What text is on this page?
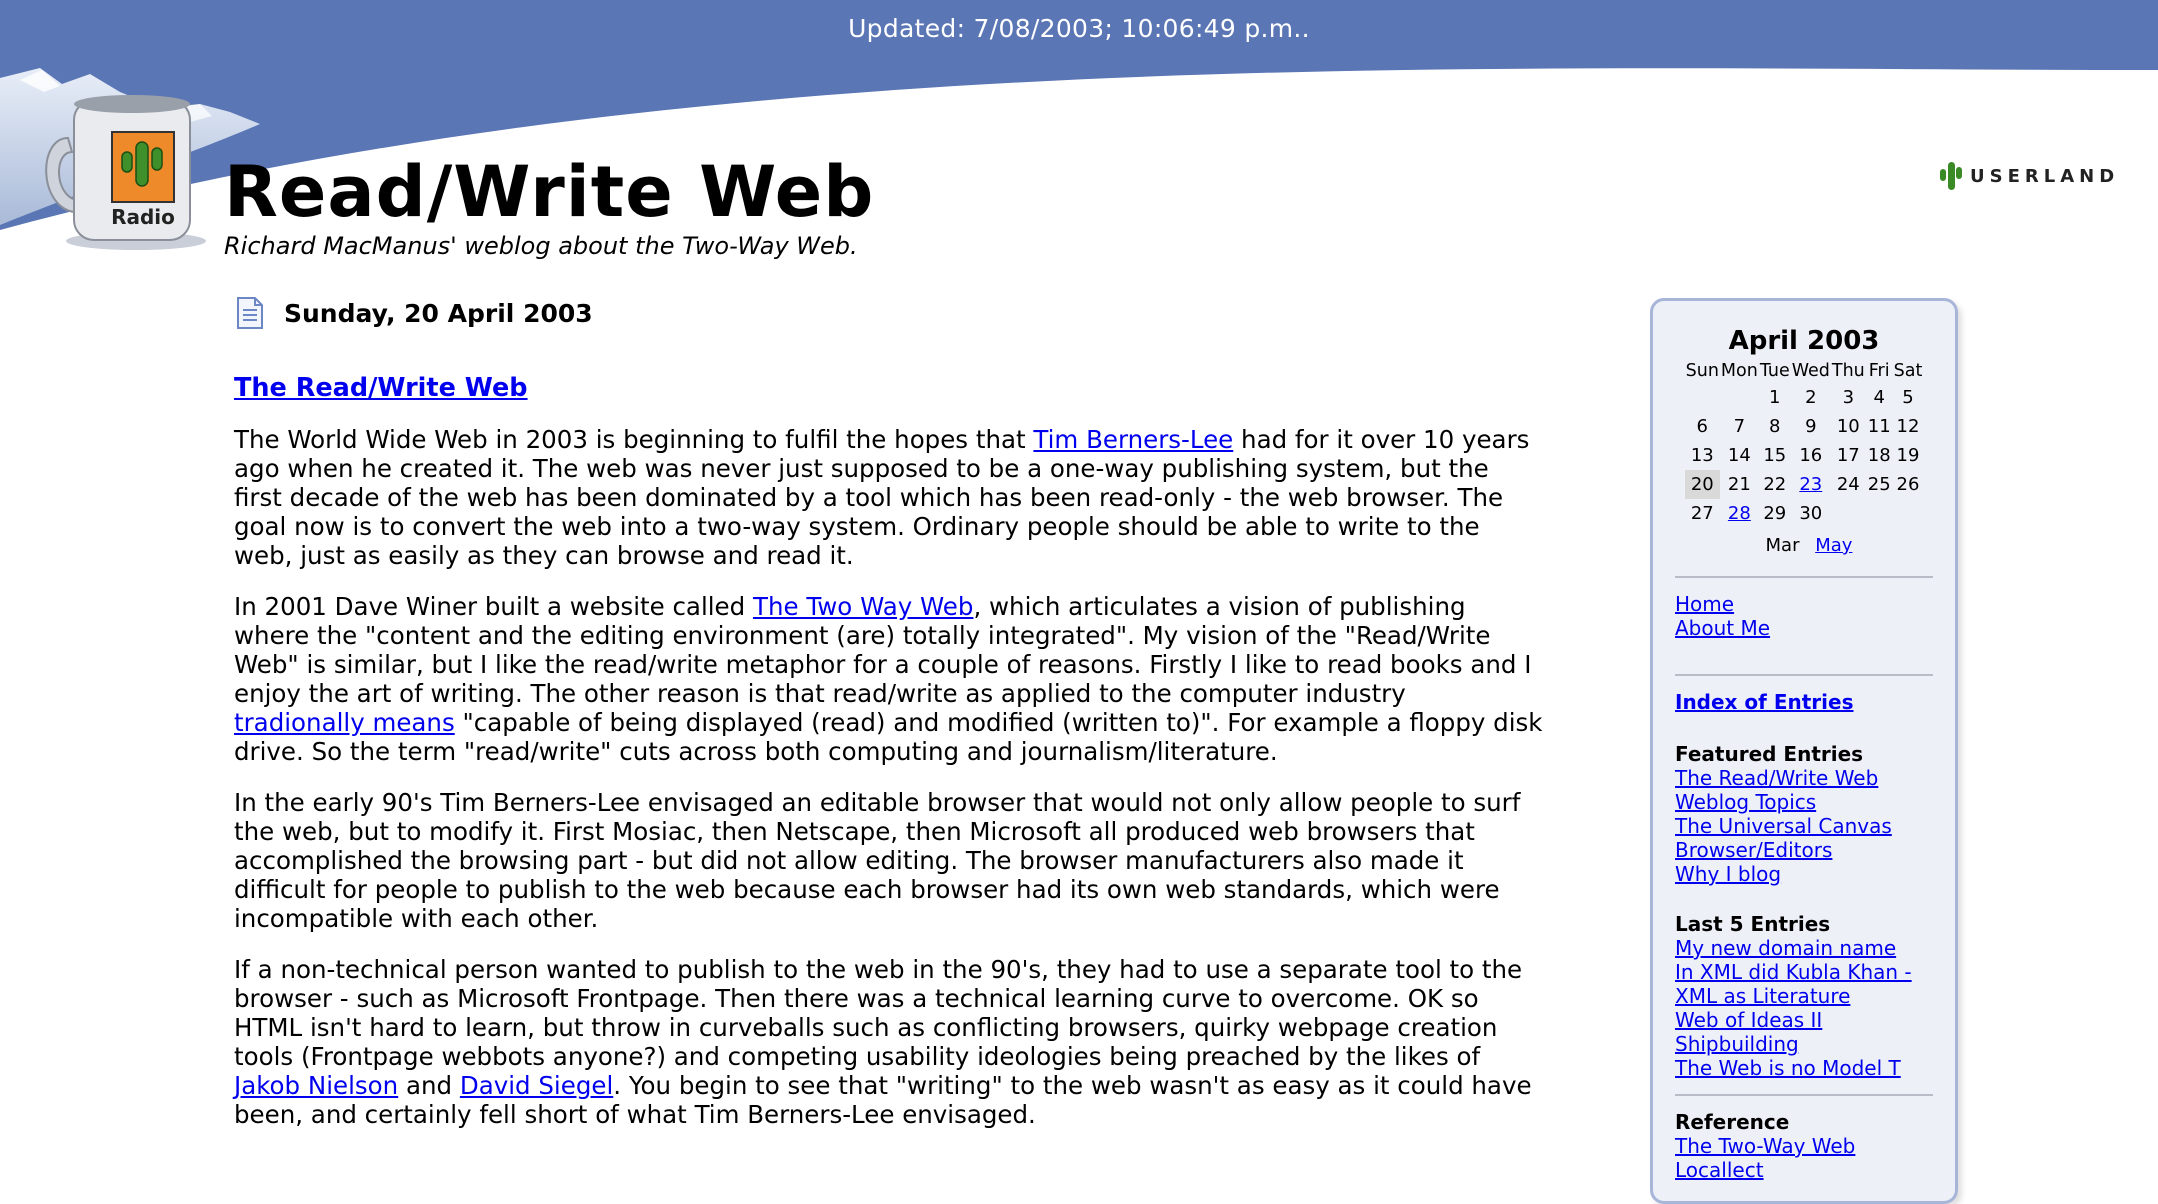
Updated: 7/08/2003; 10:06:49 p.m..
Radio Read/Write Web
Richard MacManus' weblog about the Two-Way Web.
USERLAND
Sunday, 20 April 2003
The Read/Write Web

The World Wide Web in 2003 is beginning to fulfil the hopes that Tim Berners-Lee had for it over 10 years ago when he created it. The web was never just supposed to be a one-way publishing system, but the first decade of the web has been dominated by a tool which has been read-only - the web browser. The goal now is to convert the web into a two-way system. Ordinary people should be able to write to the web, just as easily as they can browse and read it.

In 2001 Dave Winer built a website called The Two Way Web, which articulates a vision of publishing where the "content and the editing environment (are) totally integrated". My vision of the "Read/Write Web" is similar, but I like the read/write metaphor for a couple of reasons. Firstly I like to read books and I enjoy the art of writing. The other reason is that read/write as applied to the computer industry tradionally means "capable of being displayed (read) and modified (written to)". For example a floppy disk drive. So the term "read/write" cuts across both computing and journalism/literature.

In the early 90's Tim Berners-Lee envisaged an editable browser that would not only allow people to surf the web, but to modify it. First Mosiac, then Netscape, then Microsoft all produced web browsers that accomplished the browsing part - but did not allow editing. The browser manufacturers also made it difficult for people to publish to the web because each browser had its own web standards, which were incompatible with each other.

If a non-technical person wanted to publish to the web in the 90's, they had to use a separate tool to the browser - such as Microsoft Frontpage. Then there was a technical learning curve to overcome. OK so HTML isn't hard to learn, but throw in curveballs such as conflicting browsers, quirky webpage creation tools (Frontpage webbots anyone?) and competing usability ideologies being preached by the likes of Jakob Nielson and David Siegel. You begin to see that "writing" to the web wasn't as easy as it could have been, and certainly fell short of what Tim Berners-Lee envisaged.

April 2003
Sun	Mon	Tue	Wed	Thu	Fri	Sat
		1	2	3	4	5
6	7	8	9	10	11	12
13	14	15	16	17	18	19
20	21	22	23	24	25	26
27	28	29	30			
Mar May
Home
About Me
Index of Entries
Featured Entries
The Read/Write Web
Weblog Topics
The Universal Canvas
Browser/Editors
Why I blog
Last 5 Entries
My new domain name
In XML did Kubla Khan - XML as Literature
Web of Ideas II
Shipbuilding
The Web is no Model T
Reference
The Two-Way Web
Locallect
